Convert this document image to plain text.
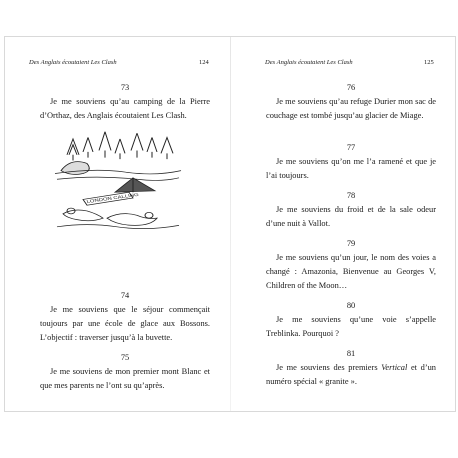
Des Anglais écoutaient Les Clash	124
73
Je me souviens qu’au camping de la Pierre d’Orthaz, des Anglais écoutaient Les Clash.
LONDON CALLING
74
Je me souviens que le séjour commençait toujours par une école de glace aux Bossons. L’objectif : traverser jusqu’à la buvette.
75
Je me souviens de mon premier mont Blanc et que mes parents ne l’ont su qu’après.
Des Anglais écoutaient Les Clash	125
76
Je me souviens qu’au refuge Durier mon sac de couchage est tombé jusqu’au glacier de Miage.
77
Je me souviens qu’on me l’a ramené et que je l’ai toujours.
78
Je me souviens du froid et de la sale odeur d’une nuit à Vallot.
79
Je me souviens qu’un jour, le nom des voies a changé : Amazonia, Bienvenue au Georges V, Children of the Moon…
80
Je me souviens qu’une voie s’appelle Treblinka. Pourquoi ?
81
Je me souviens des premiers Vertical et d’un numéro spécial « granite ».
